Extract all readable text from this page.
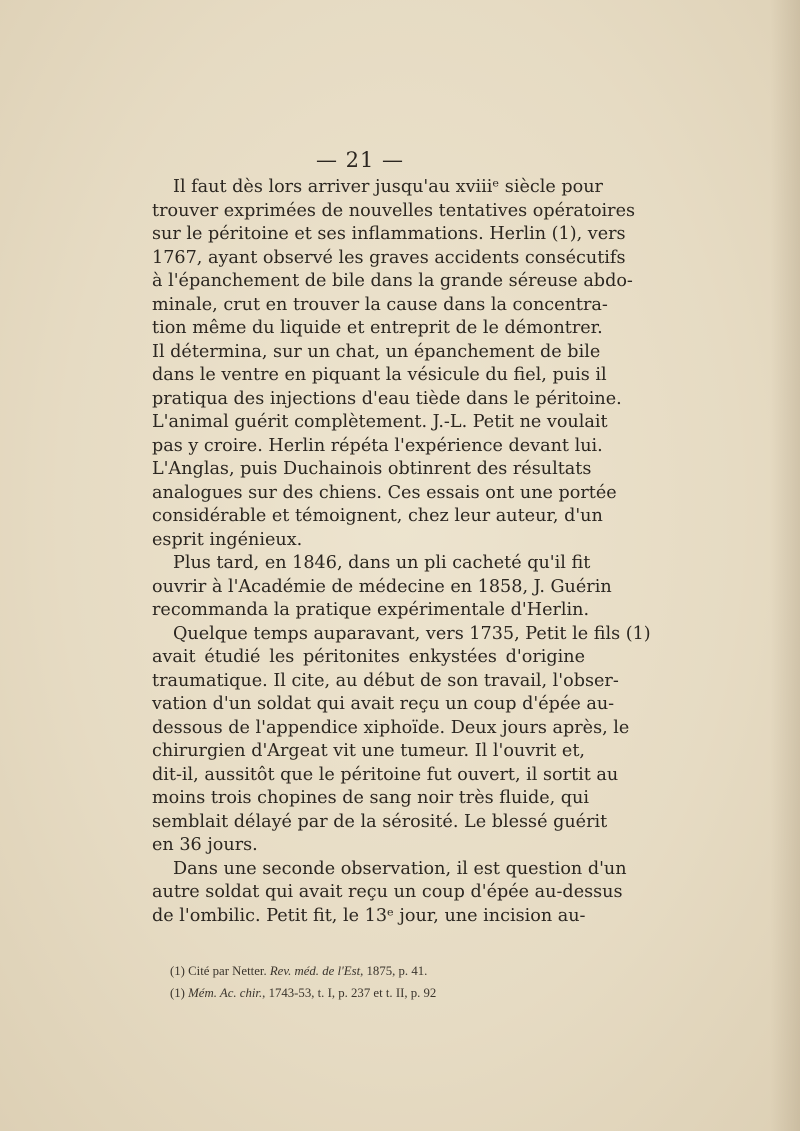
— 21 —
Il faut dès lors arriver jusqu'au xviiiᵉ siècle pour
trouver exprimées de nouvelles tentatives opératoires
sur le péritoine et ses inflammations. Herlin (1), vers
1767, ayant observé les graves accidents consécutifs
à l'épanchement de bile dans la grande séreuse abdo-
minale, crut en trouver la cause dans la concentra-
tion même du liquide et entreprit de le démontrer.
Il détermina, sur un chat, un épanchement de bile
dans le ventre en piquant la vésicule du fiel, puis il
pratiqua des injections d'eau tiède dans le péritoine.
L'animal guérit complètement. J.-L. Petit ne voulait
pas y croire. Herlin répéta l'expérience devant lui.
L'Anglas, puis Duchainois obtinrent des résultats
analogues sur des chiens. Ces essais ont une portée
considérable et témoignent, chez leur auteur, d'un
esprit ingénieux.
Plus tard, en 1846, dans un pli cacheté qu'il fit
ouvrir à l'Académie de médecine en 1858, J. Guérin
recommanda la pratique expérimentale d'Herlin.
Quelque temps auparavant, vers 1735, Petit le fils (1)
avait étudié les péritonites enkystées d'origine
traumatique. Il cite, au début de son travail, l'obser-
vation d'un soldat qui avait reçu un coup d'épée au-
dessous de l'appendice xiphoïde. Deux jours après, le
chirurgien d'Argeat vit une tumeur. Il l'ouvrit et,
dit-il, aussitôt que le péritoine fut ouvert, il sortit au
moins trois chopines de sang noir très fluide, qui
semblait délayé par de la sérosité. Le blessé guérit
en 36 jours.
Dans une seconde observation, il est question d'un
autre soldat qui avait reçu un coup d'épée au-dessus
de l'ombilic. Petit fit, le 13ᵉ jour, une incision au-
(1) Cité par Netter. Rev. méd. de l'Est, 1875, p. 41.
(1) Mém. Ac. chir., 1743-53, t. I, p. 237 et t. II, p. 92
